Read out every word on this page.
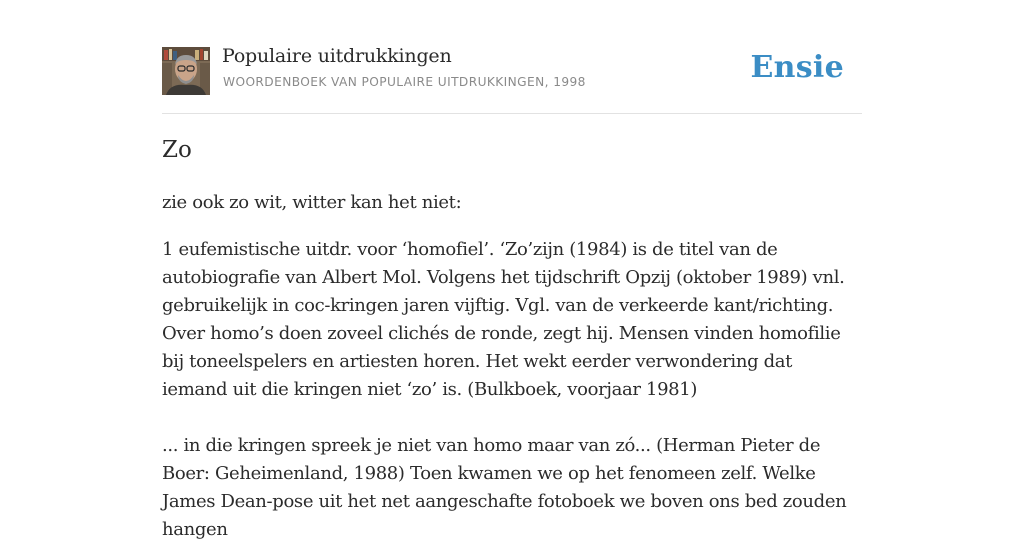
Populaire uitdrukkingen
WOORDENBOEK VAN POPULAIRE UITDRUKKINGEN, 1998	Ensie
Zo

zie ook zo wit, witter kan het niet:

1 eufemistische uitdr. voor ‘homofiel’. ‘Zo’zijn (1984) is de titel van de autobiografie van Albert Mol. Volgens het tijdschrift Opzij (oktober 1989) vnl. gebruikelijk in coc-kringen jaren vijftig. Vgl. van de verkeerde kant/richting. Over homo’s doen zoveel clichés de ronde, zegt hij. Mensen vinden homofilie bij toneelspelers en artiesten horen. Het wekt eerder verwondering dat iemand uit die kringen niet ‘zo’ is. (Bulkboek, voorjaar 1981)

... in die kringen spreek je niet van homo maar van zó... (Herman Pieter de Boer: Geheimenland, 1988) Toen kwamen we op het fenomeen zelf. Welke James Dean-pose uit het net aangeschafte fotoboek we boven ons bed zouden hangen
